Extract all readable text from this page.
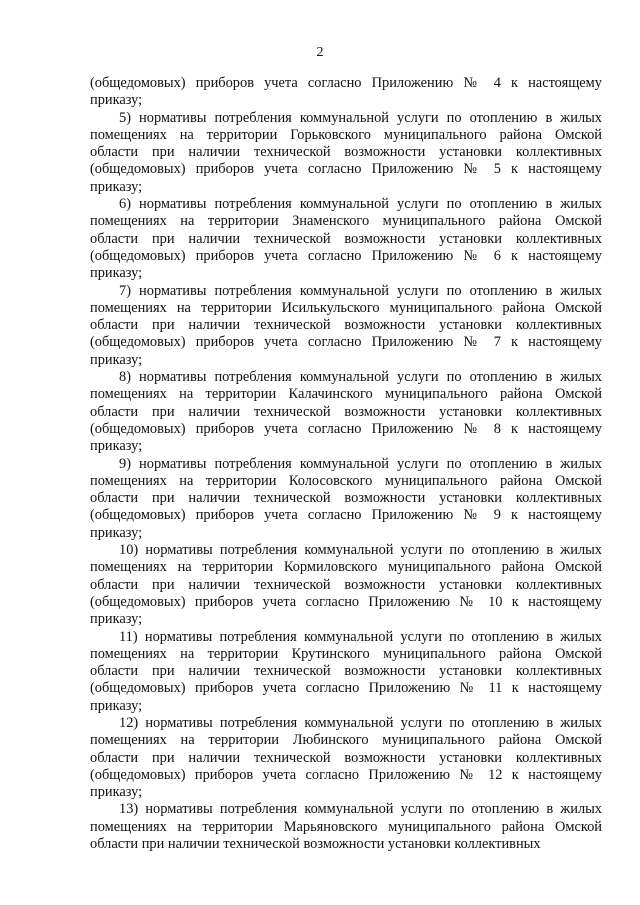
2
(общедомовых) приборов учета согласно Приложению № 4 к настоящему
приказу;
5) нормативы потребления коммунальной услуги по отоплению в жилых
помещениях на территории Горьковского муниципального района Омской
области при наличии технической возможности установки коллективных
(общедомовых) приборов учета согласно Приложению № 5 к настоящему
приказу;
6) нормативы потребления коммунальной услуги по отоплению в жилых
помещениях на территории Знаменского муниципального района Омской
области при наличии технической возможности установки коллективных
(общедомовых) приборов учета согласно Приложению № 6 к настоящему
приказу;
7) нормативы потребления коммунальной услуги по отоплению в жилых
помещениях на территории Исилькульского муниципального района Омской
области при наличии технической возможности установки коллективных
(общедомовых) приборов учета согласно Приложению № 7 к настоящему
приказу;
8) нормативы потребления коммунальной услуги по отоплению в жилых
помещениях на территории Калачинского муниципального района Омской
области при наличии технической возможности установки коллективных
(общедомовых) приборов учета согласно Приложению № 8 к настоящему
приказу;
9) нормативы потребления коммунальной услуги по отоплению в жилых
помещениях на территории Колосовского муниципального района Омской
области при наличии технической возможности установки коллективных
(общедомовых) приборов учета согласно Приложению № 9 к настоящему
приказу;
10) нормативы потребления коммунальной услуги по отоплению в жилых
помещениях на территории Кормиловского муниципального района Омской
области при наличии технической возможности установки коллективных
(общедомовых) приборов учета согласно Приложению № 10 к настоящему
приказу;
11) нормативы потребления коммунальной услуги по отоплению в жилых
помещениях на территории Крутинского муниципального района Омской
области при наличии технической возможности установки коллективных
(общедомовых) приборов учета согласно Приложению № 11 к настоящему
приказу;
12) нормативы потребления коммунальной услуги по отоплению в жилых
помещениях на территории Любинского муниципального района Омской
области при наличии технической возможности установки коллективных
(общедомовых) приборов учета согласно Приложению № 12 к настоящему
приказу;
13) нормативы потребления коммунальной услуги по отоплению в жилых
помещениях на территории Марьяновского муниципального района Омской
области при наличии технической возможности установки коллективных
